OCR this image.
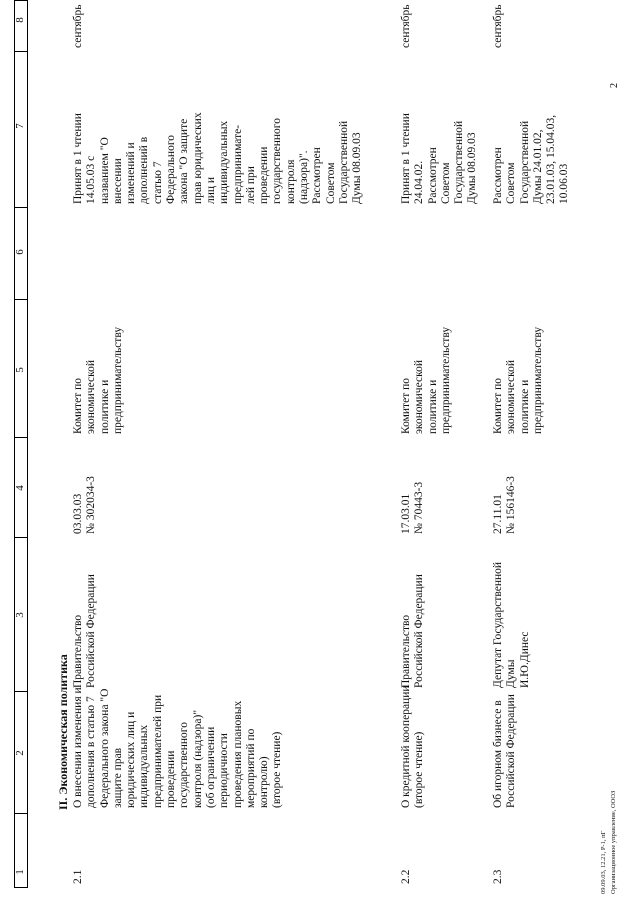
1
2
3
4
5
6
7
8
II. Экономическая политика
2.1
О внесении изменения и
дополнения в статью 7
Федерального закона "О
защите прав
юридических лиц и
индивидуальных
предпринимателей при
проведении
государственного
контроля (надзора)"
(об ограничении
периодичности
проведения плановых
мероприятий по
контролю)
(второе чтение)
Правительство
Российской Федерации
03.03.03
№ 302034-3
Комитет по
экономической
политике и
предпринимательству
Принят в 1 чтении
14.05.03 с
названием "О
внесении
изменений и
дополнений в
статью 7
Федерального
закона "О защите
прав юридических
лиц и
индивидуальных
предпринимате-
лей при
проведении
государственного
контроля
(надзора)".
Рассмотрен
Советом
Государственной
Думы 08.09.03
сентябрь
2.2
О кредитной кооперации
(второе чтение)
Правительство
Российской Федерации
17.03.01
№ 70443-3
Комитет по
экономической
политике и
предпринимательству
Принят в 1 чтении
24.04.02.
Рассмотрен
Советом
Государственной
Думы 08.09.03
сентябрь
2.3
Об игорном бизнесе в
Российской Федерации
Депутат Государственной
Думы
И.Ю.Динес
27.11.01
№ 156146-3
Комитет по
экономической
политике и
предпринимательству
Рассмотрен
Советом
Государственной
Думы 24.01.02,
23.01.03, 15.04.03,
10.06.03
сентябрь
09.09.03, 12.21, Р-1, пГ Организационное управление, ОООЗ
2
